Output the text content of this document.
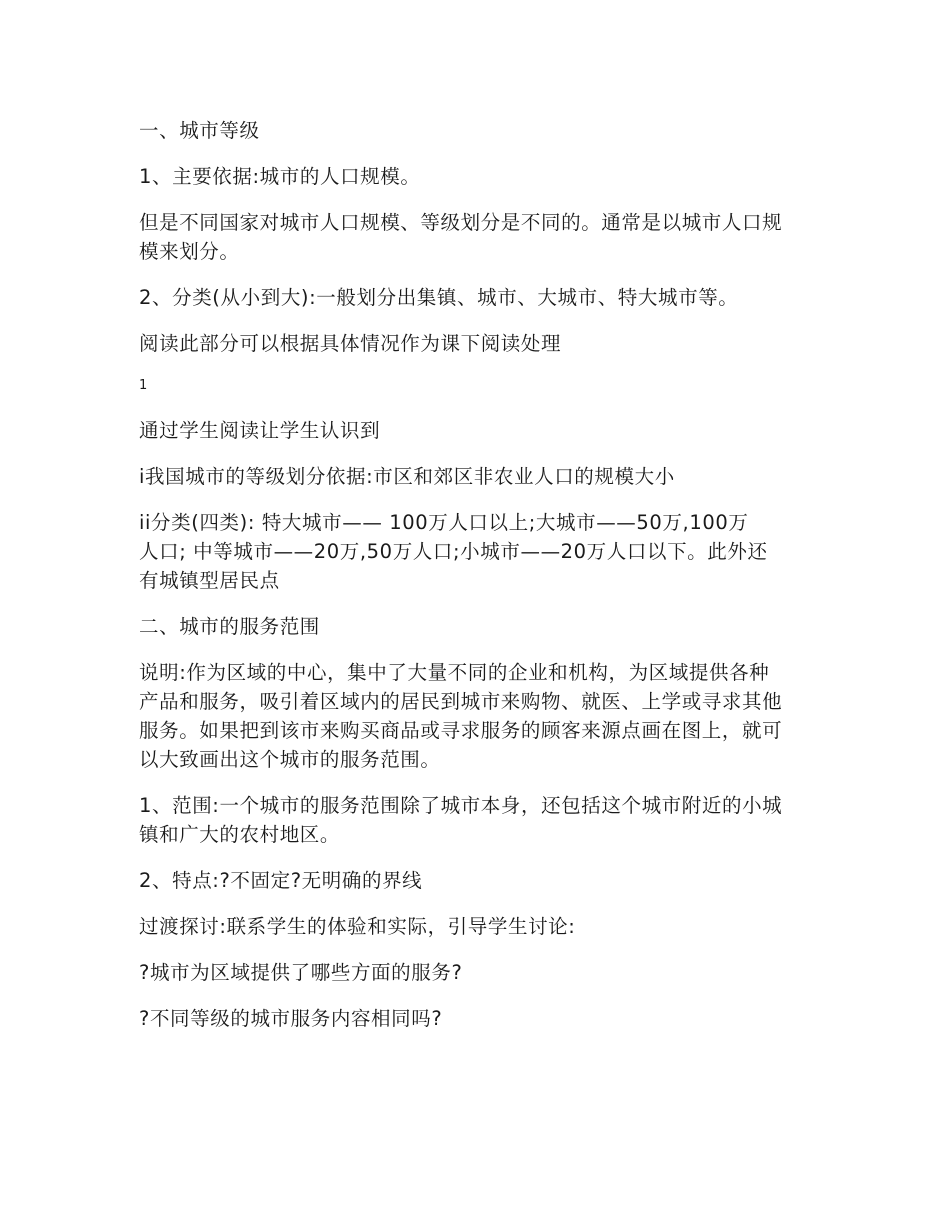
一、城市等级

1、主要依据:城市的人口规模。

但是不同国家对城市人口规模、等级划分是不同的。通常是以城市人口规
模来划分。

2、分类(从小到大):一般划分出集镇、城市、大城市、特大城市等。

阅读此部分可以根据具体情况作为课下阅读处理

1

通过学生阅读让学生认识到

i我国城市的等级划分依据:市区和郊区非农业人口的规模大小

ii分类(四类): 特大城市—— 100万人口以上;大城市——50万,100万
人口; 中等城市——20万,50万人口;小城市——20万人口以下。此外还
有城镇型居民点

二、城市的服务范围

说明:作为区域的中心，集中了大量不同的企业和机构，为区域提供各种
产品和服务，吸引着区域内的居民到城市来购物、就医、上学或寻求其他
服务。如果把到该市来购买商品或寻求服务的顾客来源点画在图上，就可
以大致画出这个城市的服务范围。

1、范围:一个城市的服务范围除了城市本身，还包括这个城市附近的小城
镇和广大的农村地区。

2、特点:?不固定?无明确的界线

过渡探讨:联系学生的体验和实际，引导学生讨论:

?城市为区域提供了哪些方面的服务?

?不同等级的城市服务内容相同吗?
